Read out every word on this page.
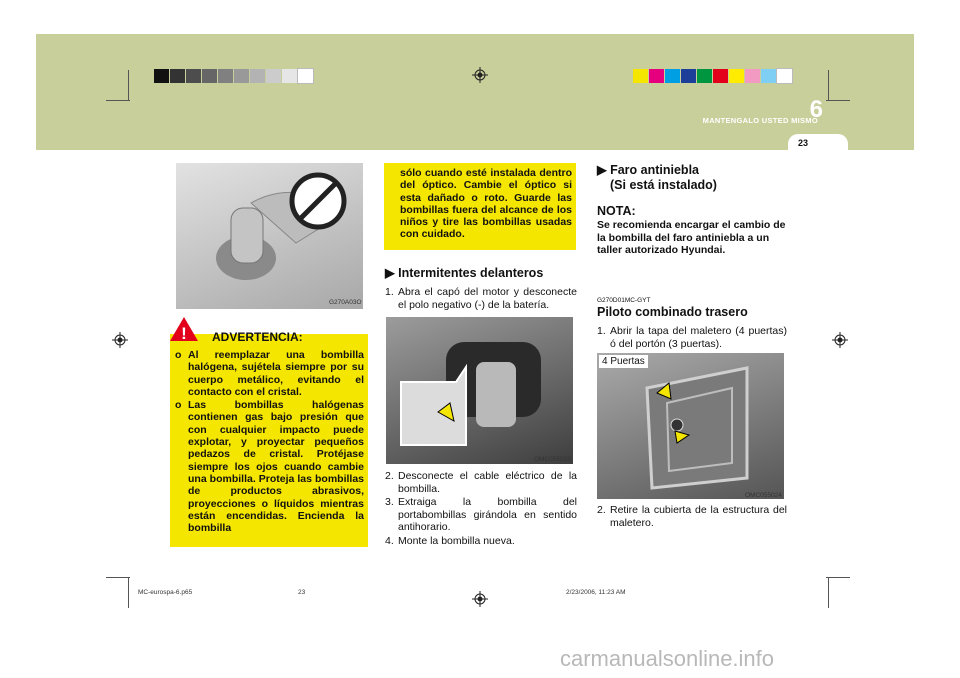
MANTENGALO USTED MISMO
6
23
G270A03O
! ADVERTENCIA:
o Al reemplazar una bombilla halógena, sujétela siempre por su cuerpo metálico, evitando el contacto con el cristal.
o Las bombillas halógenas contienen gas bajo presión que con cualquier impacto puede explotar, y proyectar pequeños pedazos de cristal. Protéjase siempre los ojos cuando cambie una bombilla. Proteja las bombillas de productos abrasivos, proyecciones o líquidos mientras están encendidas. Encienda la bombilla
sólo cuando esté instalada dentro del óptico. Cambie el óptico si esta dañado o roto. Guarde las bombillas fuera del alcance de los niños y tire las bombillas usadas con cuidado.
▶ Intermitentes delanteros
1. Abra el capó del motor y desconecte el polo negativo (-) de la batería.
OMC055023
2. Desconecte el cable eléctrico de la bombilla.
3. Extraiga la bombilla del portabombillas girándola en sentido antihorario.
4. Monte la bombilla nueva.
▶ Faro antiniebla
(Si está instalado)
NOTA:
Se recomienda encargar el cambio de la bombilla del faro antiniebla a un taller autorizado Hyundai.
G270D01MC-GYT
Piloto combinado trasero
1. Abrir la tapa del maletero (4 puertas) ó del portón (3 puertas).
4 Puertas
OMC055024
2. Retire la cubierta de la estructura del maletero.
MC-eurospa-6.p65	23	2/23/2006, 11:23 AM
carmanualsonline.info
